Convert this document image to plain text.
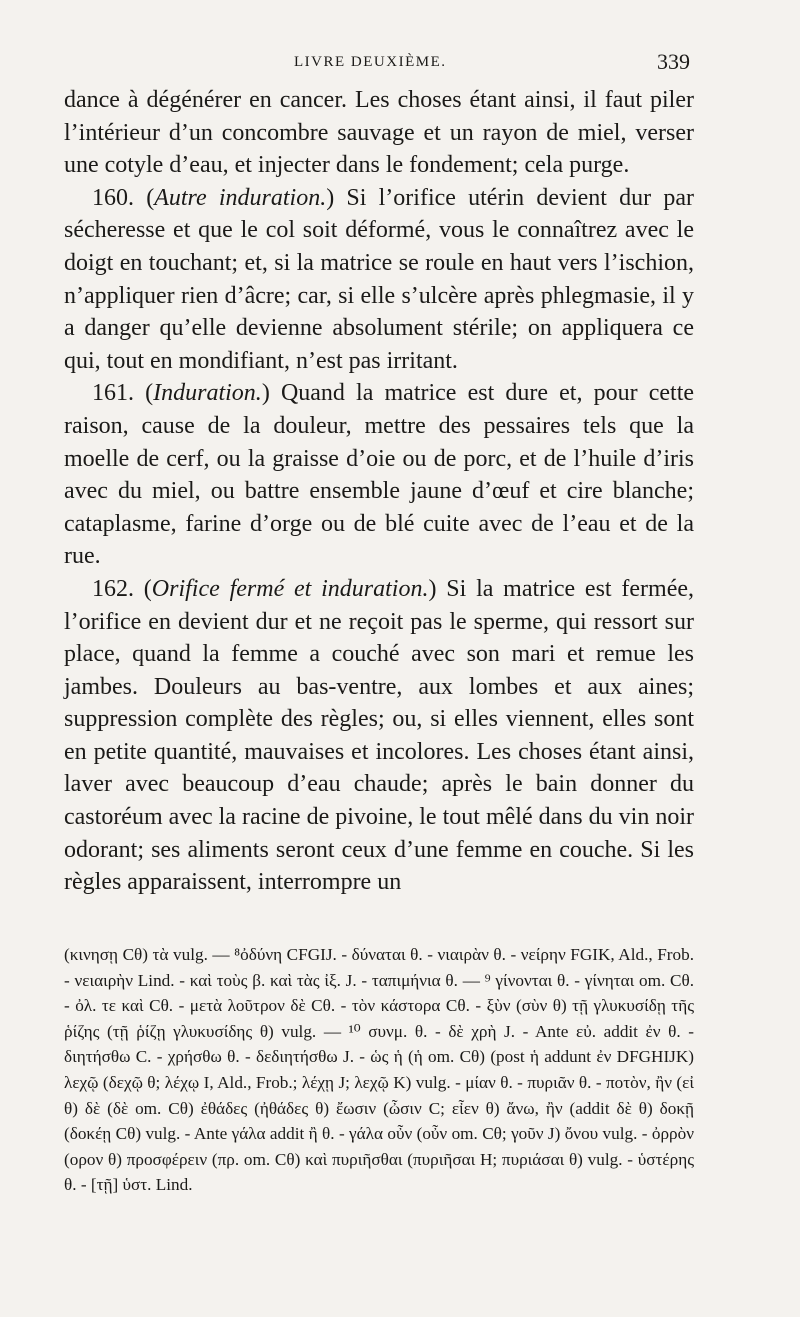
LIVRE DEUXIÈME.	339

dance à dégénérer en cancer. Les choses étant ainsi, il faut piler l’intérieur d’un concombre sauvage et un rayon de miel, verser une cotyle d’eau, et injecter dans le fondement; cela purge.

160. (Autre induration.) Si l’orifice utérin devient dur par sécheresse et que le col soit déformé, vous le connaîtrez avec le doigt en touchant; et, si la matrice se roule en haut vers l’ischion, n’appliquer rien d’âcre; car, si elle s’ulcère après phlegmasie, il y a danger qu’elle devienne absolument stérile; on appliquera ce qui, tout en mondifiant, n’est pas irritant.

161. (Induration.) Quand la matrice est dure et, pour cette raison, cause de la douleur, mettre des pessaires tels que la moelle de cerf, ou la graisse d’oie ou de porc, et de l’huile d’iris avec du miel, ou battre ensemble jaune d’œuf et cire blanche; cataplasme, farine d’orge ou de blé cuite avec de l’eau et de la rue.

162. (Orifice fermé et induration.) Si la matrice est fermée, l’orifice en devient dur et ne reçoit pas le sperme, qui ressort sur place, quand la femme a couché avec son mari et remue les jambes. Douleurs au bas-ventre, aux lombes et aux aines; suppression complète des règles; ou, si elles viennent, elles sont en petite quantité, mauvaises et incolores. Les choses étant ainsi, laver avec beaucoup d’eau chaude; après le bain donner du castoréum avec la racine de pivoine, le tout mêlé dans du vin noir odorant; ses aliments seront ceux d’une femme en couche. Si les règles apparaissent, interrompre un

(κινησῃ Cθ) τὰ vulg. — ⁸ὀδύνη CFGIJ. - δύναται θ. - νιαιρὰν θ. - νείρην FGIK, Ald., Frob. - νειαιρὴν Lind. - καὶ τοὺς β. καὶ τὰς ἰξ. J. - ταπιμήνια θ. — ⁹ γίνονται θ. - γίνηται om. Cθ. - ὀλ. τε καὶ Cθ. - μετὰ λοῦτρον δὲ Cθ. - τὸν κάστορα Cθ. - ξὺν (σὺν θ) τῇ γλυκυσίδῃ τῆς ῥίζης (τῇ ῥίζῃ γλυκυσίδης θ) vulg. — ¹⁰ συνμ. θ. - δὲ χρὴ J. - Ante εὐ. addit ἐν θ. - διητήσθω C. - χρήσθω θ. - δεδιητήσθω J. - ὡς ἡ (ἡ om. Cθ) (post ἡ addunt ἐν DFGHIJK) λεχῷ (δεχῷ θ; λέχῳ I, Ald., Frob.; λέχῃ J; λεχῷ K) vulg. - μίαν θ. - πυριᾶν θ. - ποτὸν, ἢν (εἰ θ) δὲ (δὲ om. Cθ) ἐθάδες (ἠθάδες θ) ἔωσιν (ὦσιν C; εἶεν θ) ἄνω, ἢν (addit δὲ θ) δοκῇ (δοκέῃ Cθ) vulg. - Ante γάλα addit ἢ θ. - γάλα οὖν (οὖν om. Cθ; γοῦν J) ὄνου vulg. - ὀρρὸν (ορον θ) προσφέρειν (πρ. om. Cθ) καὶ πυριῆσθαι (πυριῆσαι H; πυριάσαι θ) vulg. - ὑστέρης θ. - [τῇ] ὑστ. Lind.
